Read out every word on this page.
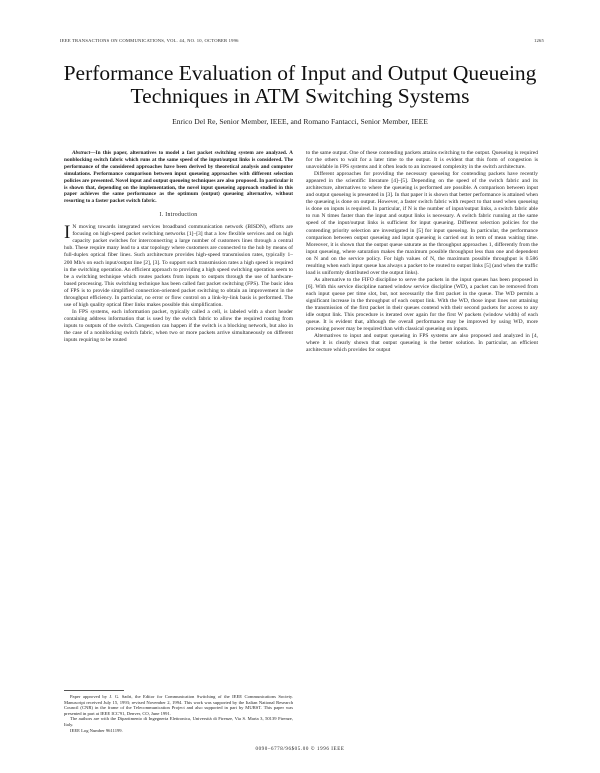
IEEE TRANSACTIONS ON COMMUNICATIONS, VOL. 44, NO. 10, OCTOBER 1996	1265
Performance Evaluation of Input and Output Queueing Techniques in ATM Switching Systems
Enrico Del Re, Senior Member, IEEE, and Romano Fantacci, Senior Member, IEEE

Abstract—In this paper, alternatives to model a fast packet switching system are analyzed. A nonblocking switch fabric which runs at the same speed of the input/output links is considered. The performance of the considered approaches have been derived by theoretical analysis and computer simulations. Performance comparison between input queueing approaches with different selection policies are presented. Novel input and output queueing techniques are also proposed. In particular it is shown that, depending on the implementation, the novel input queueing approach studied in this paper achieves the same performance as the optimum (output) queueing alternative, without resorting to a faster packet switch fabric.

I. Introduction

I N moving towards integrated services broadband communication network (BISDN), efforts are focusing on high-speed packet switching networks [1]–[3] that a low flexible services and on high capacity packet switches for interconnecting a large number of customers lines through a central hub. These require many lead to a star topology where customers are connected to the hub by means of full-duplex optical fiber lines. Such architecture provides high-speed transmission rates, typically 1–200 Mb/s on each input/output line [2], [3]. To support such transmission rates a high speed is required in the switching operation. An efficient approach to providing a high speed switching operation seem to be a switching technique which routes packets from inputs to outputs through the use of hardware-based processing. This switching technique has been called fast packet switching (FPS). The basic idea of FPS is to provide simplified connection-oriented packet switching to obtain an improvement in the throughput efficiency. In particular, no error or flow control on a link-by-link basis is performed. The use of high quality optical fiber links makes possible this simplification.

In FPS systems, each information packet, typically called a cell, is labeled with a short header containing address information that is used by the switch fabric to allow the required routing from inputs to outputs of the switch. Congestion can happen if the switch is a blocking network, but also in the case of a nonblocking switch fabric, when two or more packets arrive simultaneously on different inputs requiring to be routed

Paper approved by J. G. Sadri, the Editor for Communication Switching of the IEEE Communications Society. Manuscript received July 15, 1993; revised November 2, 1994. This work was supported by the Italian National Research Council (CNR) in the frame of the Telecommunication Project and also supported in part by MURST. This paper was presented in part at IEEE ICC'91, Denver, CO, June 1991.

The authors are with the Dipartimento di Ingegneria Elettronica, Università di Firenze, Via S. Marta 3, 50139 Firenze, Italy.

IEEE Log Number 9611199.

to the same output. One of these contending packets attains switching to the output. Queueing is required for the others to wait for a later time to the output. It is evident that this form of congestion is unavoidable in FPS systems and it often leads to an increased complexity in the switch architecture.

Different approaches for providing the necessary queueing for contending packets have recently appeared in the scientific literature [4]–[5]. Depending on the speed of the switch fabric and its architecture, alternatives to where the queueing is performed are possible. A comparison between input and output queueing is presented in [3]. In that paper it is shown that better performance is attained when the queueing is done on output. However, a faster switch fabric with respect to that used when queueing is done on inputs is required. In particular, if N is the number of input/output links, a switch fabric able to run N times faster than the input and output links is necessary. A switch fabric running at the same speed of the input/output links is sufficient for input queueing. Different selection policies for the contending priority selection are investigated in [5] for input queueing. In particular, the performance comparison between output queueing and input queueing is carried out in term of mean waiting time. Moreover, it is shown that the output queue saturate as the throughput approaches 1, differently from the input queueing, where saturation makes the maximum possible throughput less than one and dependent on N and on the service policy. For high values of N, the maximum possible throughput is 0.586 resulting when each input queue has always a packet to be routed to output links [5] (and when the traffic load is uniformly distributed over the output links).

As alternative to the FIFO discipline to serve the packets in the input queues has been proposed in [6]. With this service discipline named window service discipline (WD), a packet can be removed from each input queue per time slot, but, not necessarily the first packet in the queue. The WD permits a significant increase in the throughput of each output link. With the WD, those input lines not attaining the transmission of the first packet in their queues contend with their second packets for access to any idle output link. This procedure is iterated over again for the first W packets (window width) of each queue. It is evident that, although the overall performance may be improved by using WD, more processing power may be required than with classical queueing on inputs.

Alternatives to input and output queueing in FPS systems are also proposed and analyzed in [4, where it is clearly shown that output queueing is the better solution. In particular, an efficient architecture which provides for output

0090–6778/96$05.00 © 1996 IEEE
